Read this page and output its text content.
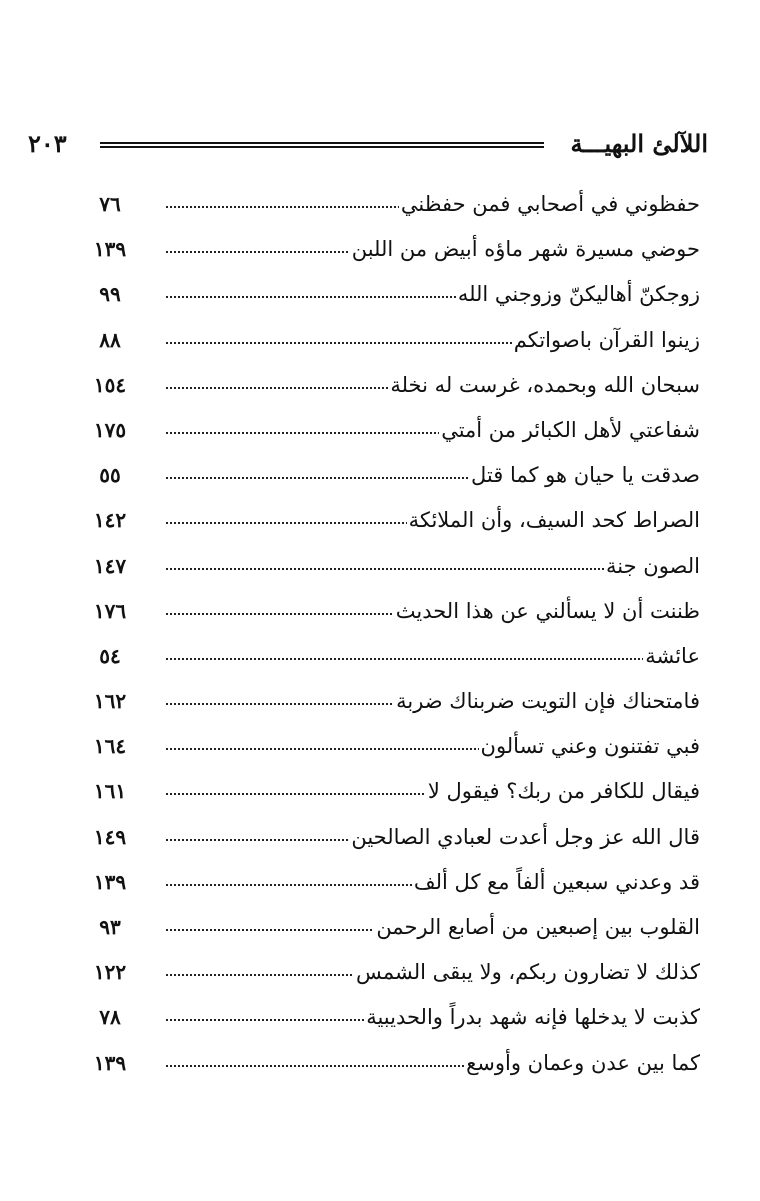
اللآلئ البهيـــة
٢٠٣
حفظوني في أصحابي فمن حفظني
٧٦
حوضي مسيرة شهر ماؤه أبيض من اللبن
١٣٩
زوجكنّ أهاليكنّ وزوجني الله
٩٩
زينوا القرآن باصواتكم
٨٨
سبحان الله وبحمده، غرست له نخلة
١٥٤
شفاعتي لأهل الكبائر من أمتي
١٧٥
صدقت يا حيان هو كما قتل
٥٥
الصراط كحد السيف، وأن الملائكة
١٤٢
الصون جنة
١٤٧
ظننت أن لا يسألني عن هذا الحديث
١٧٦
عائشة
٥٤
فامتحناك فإن التويت ضربناك ضربة
١٦٢
فبي تفتنون وعني تسألون
١٦٤
فيقال للكافر من ربك؟ فيقول لا
١٦١
قال الله عز وجل أعدت لعبادي الصالحين
١٤٩
قد وعدني سبعين ألفاً مع كل ألف
١٣٩
القلوب بين إصبعين من أصابع الرحمن
٩٣
كذلك لا تضارون ربكم، ولا يبقى الشمس
١٢٢
كذبت لا يدخلها فإنه شهد بدراً والحديبية
٧٨
كما بين عدن وعمان وأوسع
١٣٩
